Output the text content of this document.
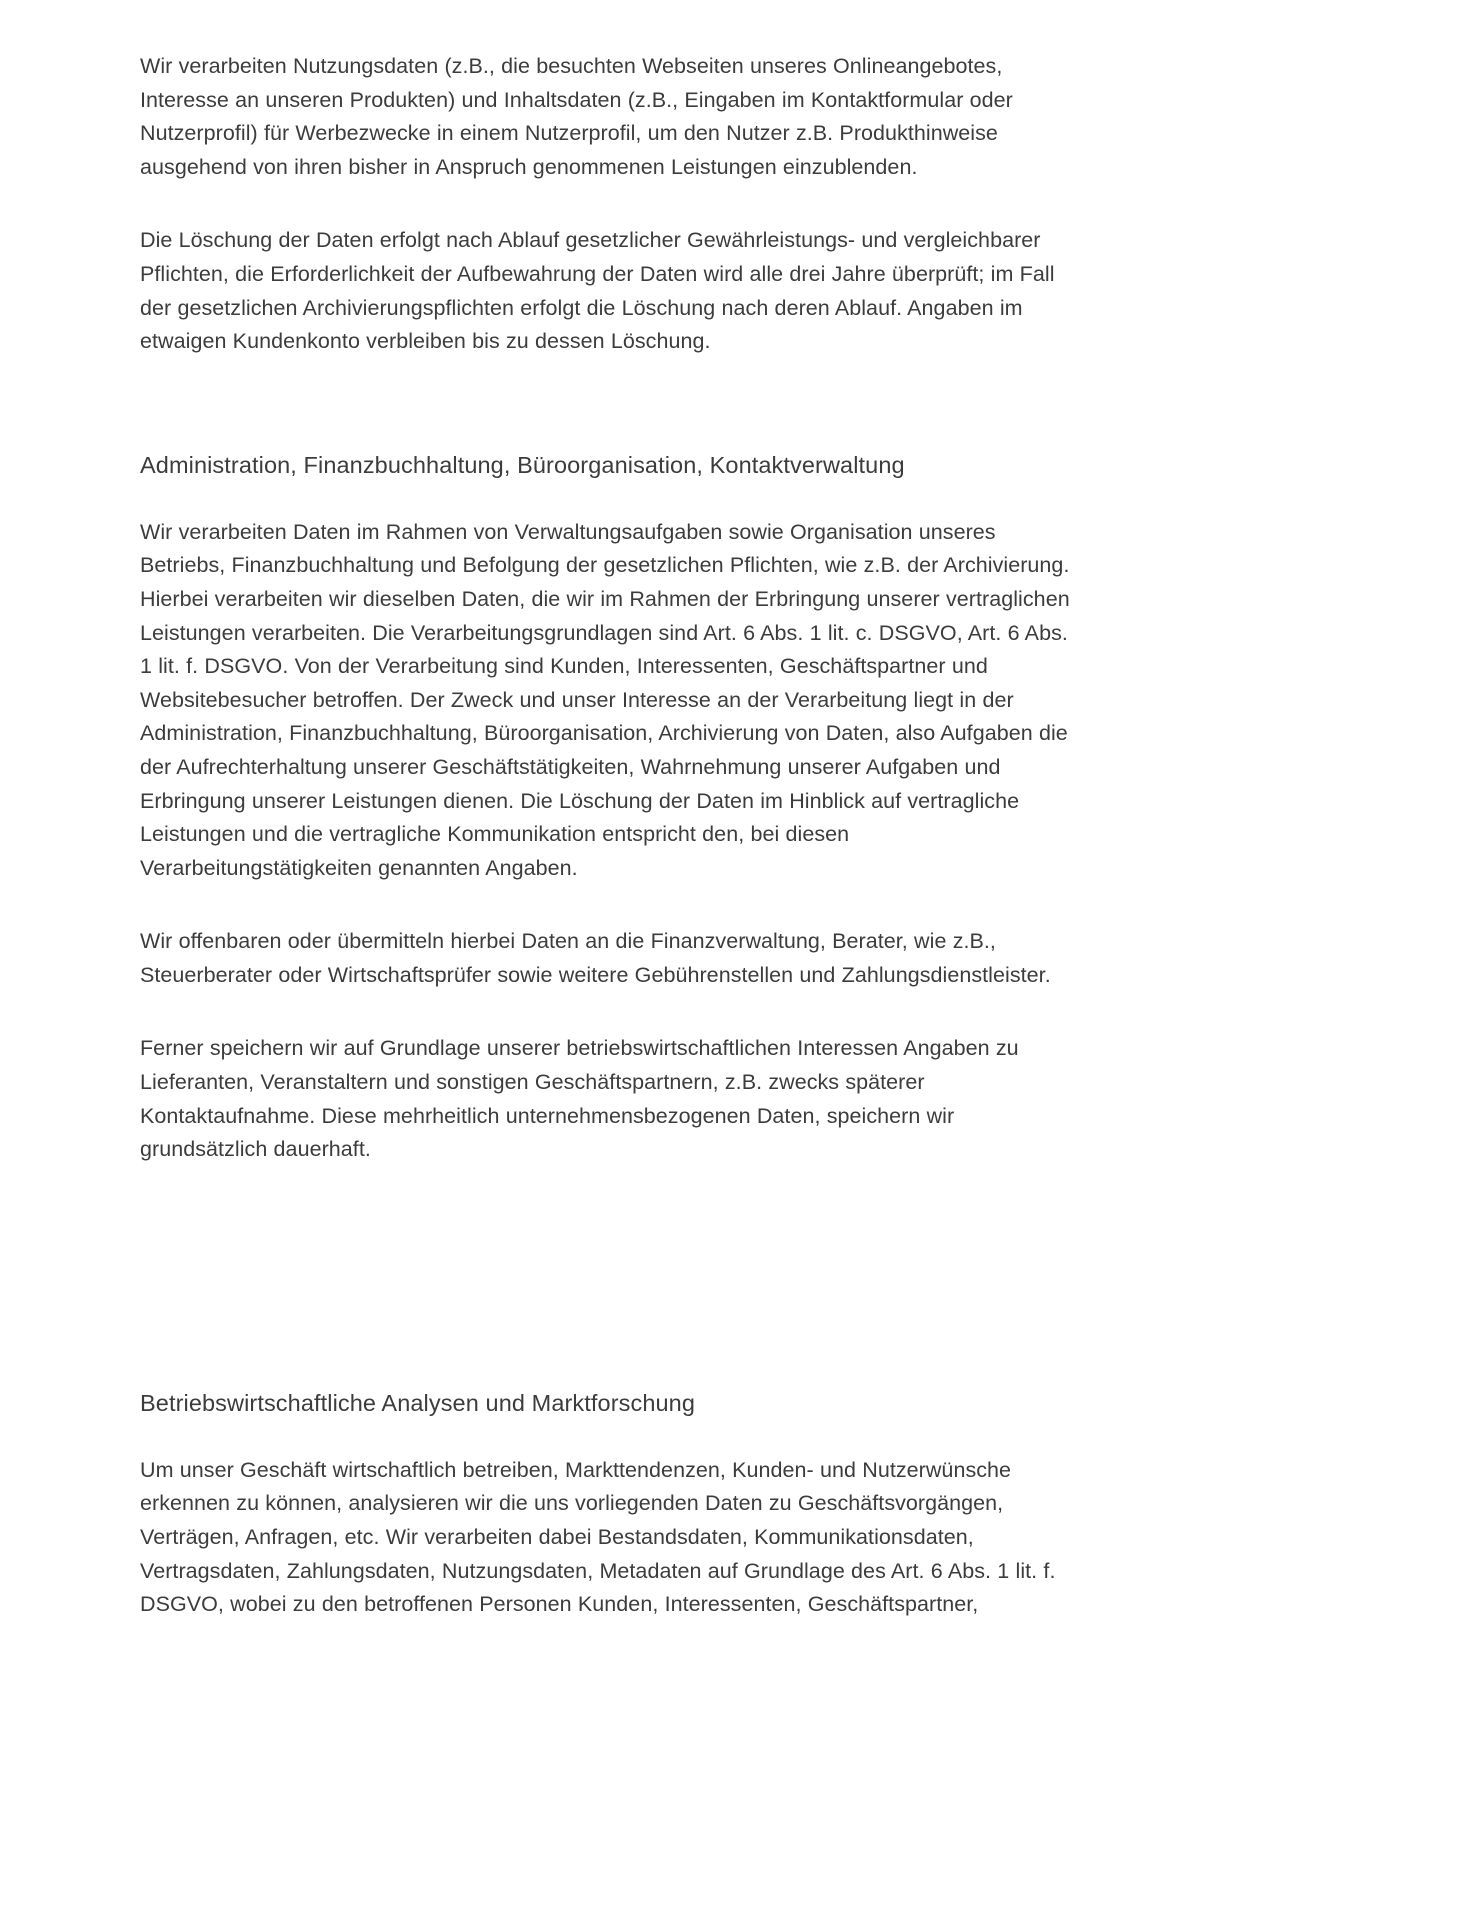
Wir verarbeiten Nutzungsdaten (z.B., die besuchten Webseiten unseres Onlineangebotes, Interesse an unseren Produkten) und Inhaltsdaten (z.B., Eingaben im Kontaktformular oder Nutzerprofil) für Werbezwecke in einem Nutzerprofil, um den Nutzer z.B. Produkthinweise ausgehend von ihren bisher in Anspruch genommenen Leistungen einzublenden.

Die Löschung der Daten erfolgt nach Ablauf gesetzlicher Gewährleistungs- und vergleichbarer Pflichten, die Erforderlichkeit der Aufbewahrung der Daten wird alle drei Jahre überprüft; im Fall der gesetzlichen Archivierungspflichten erfolgt die Löschung nach deren Ablauf. Angaben im etwaigen Kundenkonto verbleiben bis zu dessen Löschung.

Administration, Finanzbuchhaltung, Büroorganisation, Kontaktverwaltung

Wir verarbeiten Daten im Rahmen von Verwaltungsaufgaben sowie Organisation unseres Betriebs, Finanzbuchhaltung und Befolgung der gesetzlichen Pflichten, wie z.B. der Archivierung. Hierbei verarbeiten wir dieselben Daten, die wir im Rahmen der Erbringung unserer vertraglichen Leistungen verarbeiten. Die Verarbeitungsgrundlagen sind Art. 6 Abs. 1 lit. c. DSGVO, Art. 6 Abs. 1 lit. f. DSGVO. Von der Verarbeitung sind Kunden, Interessenten, Geschäftspartner und Websitebesucher betroffen. Der Zweck und unser Interesse an der Verarbeitung liegt in der Administration, Finanzbuchhaltung, Büroorganisation, Archivierung von Daten, also Aufgaben die der Aufrechterhaltung unserer Geschäftstätigkeiten, Wahrnehmung unserer Aufgaben und Erbringung unserer Leistungen dienen. Die Löschung der Daten im Hinblick auf vertragliche Leistungen und die vertragliche Kommunikation entspricht den, bei diesen Verarbeitungstätigkeiten genannten Angaben.

Wir offenbaren oder übermitteln hierbei Daten an die Finanzverwaltung, Berater, wie z.B., Steuerberater oder Wirtschaftsprüfer sowie weitere Gebührenstellen und Zahlungsdienstleister.

Ferner speichern wir auf Grundlage unserer betriebswirtschaftlichen Interessen Angaben zu Lieferanten, Veranstaltern und sonstigen Geschäftspartnern, z.B. zwecks späterer Kontaktaufnahme. Diese mehrheitlich unternehmensbezogenen Daten, speichern wir grundsätzlich dauerhaft.

Betriebswirtschaftliche Analysen und Marktforschung

Um unser Geschäft wirtschaftlich betreiben, Markttendenzen, Kunden- und Nutzerwünsche erkennen zu können, analysieren wir die uns vorliegenden Daten zu Geschäftsvorgängen, Verträgen, Anfragen, etc. Wir verarbeiten dabei Bestandsdaten, Kommunikationsdaten, Vertragsdaten, Zahlungsdaten, Nutzungsdaten, Metadaten auf Grundlage des Art. 6 Abs. 1 lit. f. DSGVO, wobei zu den betroffenen Personen Kunden, Interessenten, Geschäftspartner,
